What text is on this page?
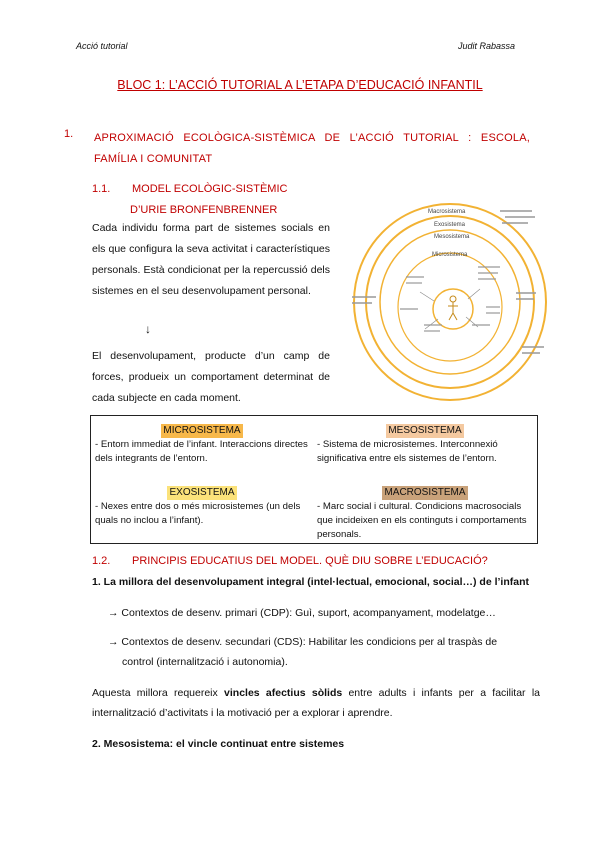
Acció tutorial	Judit Rabassa
BLOC 1: L’ACCIÓ TUTORIAL A L’ETAPA D’EDUCACIÓ INFANTIL
1. APROXIMACIÓ ECOLÒGICA-SISTÈMICA DE L’ACCIÓ TUTORIAL : ESCOLA, FAMÍLIA I COMUNITAT
1.1. MODEL ECOLÒGIC-SISTÈMIC
D’URIE BRONFENBRENNER
Cada individu forma part de sistemes socials en els que configura la seva activitat i característiques personals. Està condicionat per la repercussió dels sistemes en el seu desenvolupament personal.
↓
El desenvolupament, producte d’un camp de forces, produeix un comportament determinat de cada subjecte en cada moment.
Macrosistema
Exosistema
Mesosistema
Microsistema
MICROSISTEMA
- Entorn immediat de l’infant. Interaccions directes dels integrants de l’entorn.
MESOSISTEMA
- Sistema de microsistemes. Interconnexió significativa entre els sistemes de l’entorn.
EXOSISTEMA
- Nexes entre dos o més microsistemes (un dels quals no inclou a l’infant).
MACROSISTEMA
- Marc social i cultural. Condicions macrosocials que incideixen en els continguts i comportaments personals.
1.2. PRINCIPIS EDUCATIUS DEL MODEL. QUÈ DIU SOBRE L’EDUCACIÓ?
1. La millora del desenvolupament integral (intel·lectual, emocional, social…) de l’infant
→ Contextos de desenv. primari (CDP): Guì, suport, acompanyament, modelatge…
→ Contextos de desenv. secundari (CDS): Habilitar les condicions per al traspàs de
control (internalització i autonomia).
Aquesta millora requereix vincles afectius sòlids entre adults i infants per a facilitar la internalització d’activitats i la motivació per a explorar i aprendre.
2. Mesosistema: el vincle continuat entre sistemes
